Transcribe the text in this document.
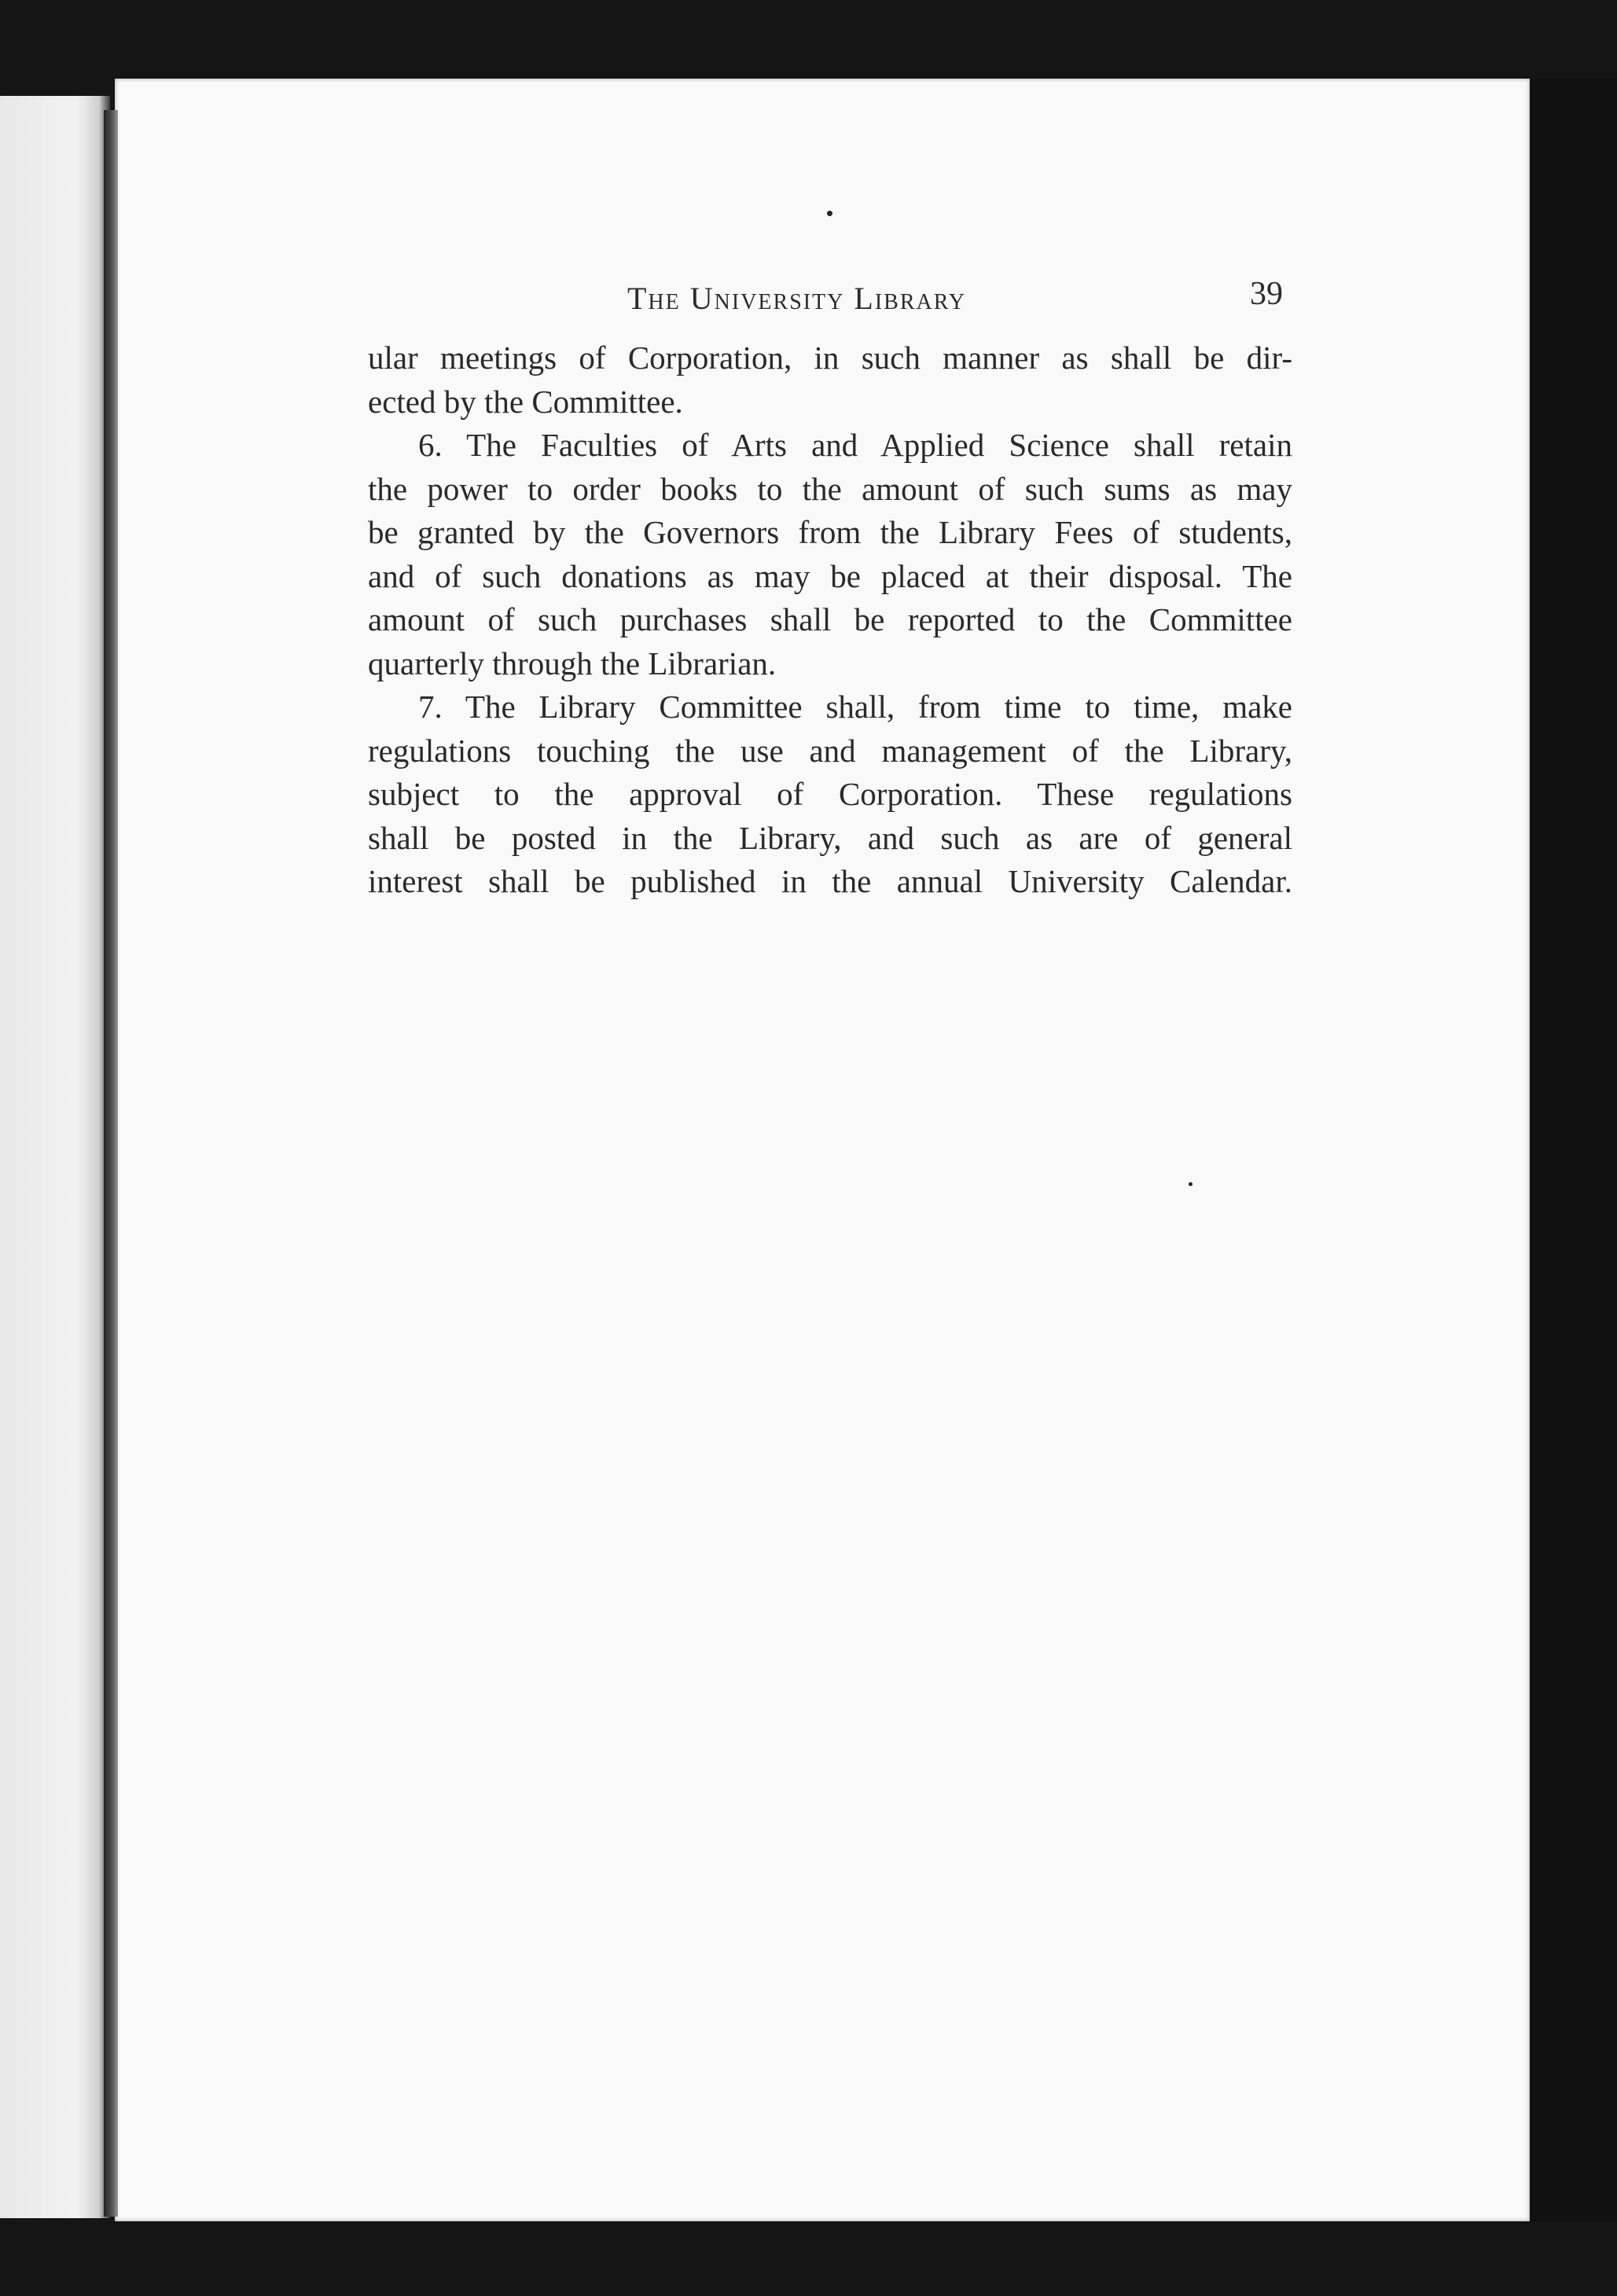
The University Library	39
ular meetings of Corporation, in such manner as shall be dir-
ected by the Committee.
6. The Faculties of Arts and Applied Science shall retain
the power to order books to the amount of such sums as may
be granted by the Governors from the Library Fees of students,
and of such donations as may be placed at their disposal. The
amount of such purchases shall be reported to the Committee
quarterly through the Librarian.
7. The Library Committee shall, from time to time, make
regulations touching the use and management of the Library,
subject to the approval of Corporation. These regulations
shall be posted in the Library, and such as are of general
interest shall be published in the annual University Calendar.
